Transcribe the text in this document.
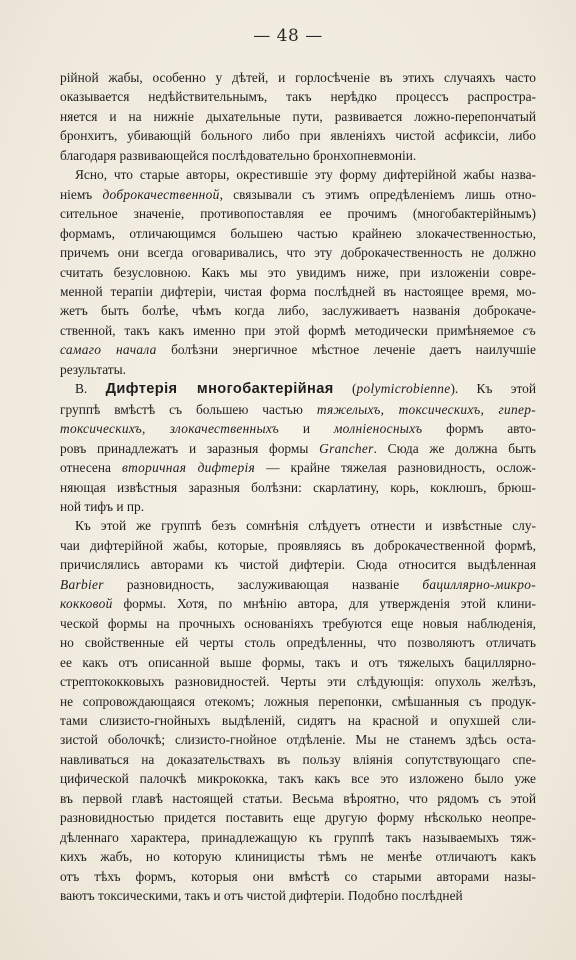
— 48 —

рійной жабы, особенно у дѣтей, и горлосѣченіе въ этихъ случаяхъ часто
оказывается недѣйствительнымъ, такъ нерѣдко процессъ распростра-
няется и на нижніе дыхательные пути, развивается ложно-перепончатый
бронхитъ, убивающій больного либо при явленіяхъ чистой асфиксіи, либо
благодаря развивающейся послѣдовательно бронхопневмоніи.

Ясно, что старые авторы, окрестившіе эту форму дифтерійной жабы назва-
ніемъ доброкачественной, связывали съ этимъ опредѣленіемъ лишь отно-
сительное значеніе, противопоставляя ее прочимъ (многобактерійнымъ)
формамъ, отличающимся большею частью крайнею злокачественностью,
причемъ они всегда оговаривались, что эту доброкачественность не должно
считать безусловною. Какъ мы это увидимъ ниже, при изложеніи совре-
менной терапіи дифтеріи, чистая форма послѣдней въ настоящее время, мо-
жетъ быть болѣе, чѣмъ когда либо, заслуживаетъ названія доброкаче-
ственной, такъ какъ именно при этой формѣ методически примѣняемое съ
самаго начала болѣзни энергичное мѣстное леченіе даетъ наилучшіе
результаты.

В. Дифтерія многобактерійная (polymicrobienne). Къ этой
группѣ вмѣстѣ съ большею частью тяжелыхъ, токсическихъ, гипер-
токсическихъ, злокачественныхъ и молніеносныхъ формъ авто-
ровъ принадлежатъ и заразныя формы Grancher. Сюда же должна быть
отнесена вторичная дифтерія — крайне тяжелая разновидность, ослож-
няющая извѣстныя заразныя болѣзни: скарлатину, корь, коклюшъ, брюш-
ной тифъ и пр.

Къ этой же группѣ безъ сомнѣнія слѣдуетъ отнести и извѣстные слу-
чаи дифтерійной жабы, которые, проявляясь въ доброкачественной формѣ,
причислялись авторами къ чистой дифтеріи. Сюда относится выдѣленная
Barbier разновидность, заслуживающая названіе бациллярно-микро-
кокковой формы. Хотя, по мнѣнію автора, для утвержденія этой клини-
ческой формы на прочныхъ основаніяхъ требуются еще новыя наблюденія,
но свойственные ей черты столь опредѣленны, что позволяютъ отличать
ее какъ отъ описанной выше формы, такъ и отъ тяжелыхъ бациллярно-
стрептококковыхъ разновидностей. Черты эти слѣдующія: опухоль желѣзъ,
не сопровождающаяся отекомъ; ложныя перепонки, смѣшанныя съ продук-
тами слизисто-гнойныхъ выдѣленій, сидятъ на красной и опухшей сли-
зистой оболочкѣ; слизисто-гнойное отдѣленіе. Мы не станемъ здѣсь оста-
навливаться на доказательствахъ въ пользу вліянія сопутствующаго спе-
цифической палочкѣ микрококка, такъ какъ все это изложено было уже
въ первой главѣ настоящей статьи. Весьма вѣроятно, что рядомъ съ этой
разновидностью придется поставить еще другую форму нѣсколько неопре-
дѣленнаго характера, принадлежащую къ группѣ такъ называемыхъ тяж-
кихъ жабъ, но которую клиницисты тѣмъ не менѣе отличаютъ какъ
отъ тѣхъ формъ, которыя они вмѣстѣ со старыми авторами назы-
ваютъ токсическими, такъ и отъ чистой дифтеріи. Подобно послѣдней
